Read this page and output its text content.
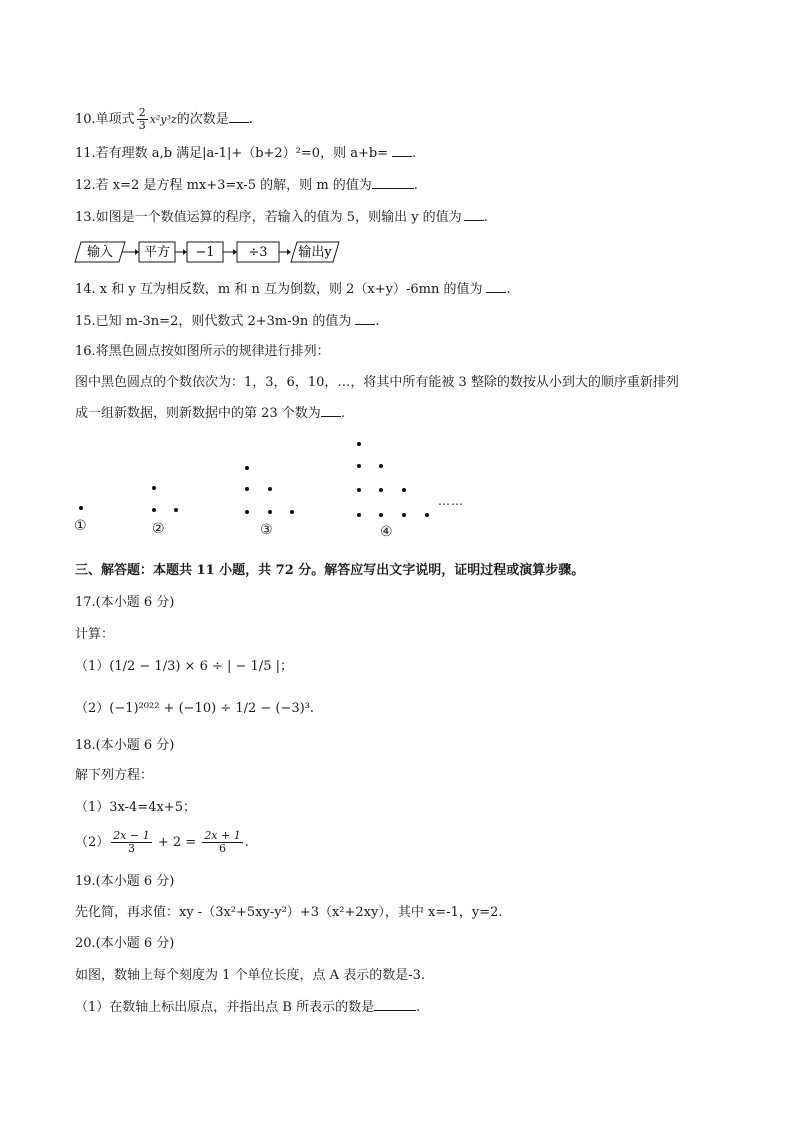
10.单项式 $\frac{2}{3} x^2y^3z$的次数是 .
11.若有理数 a,b 满足|a-1|+（b+2）²=0，则 a+b= .
12.若 x=2 是方程 mx+3=x-5 的解，则 m 的值为	.
13.如图是一个数值运算的程序，若输入的值为 5，则输出 y 的值为 .
输入 平方 −1	÷3 输出y
14. x 和 y 互为相反数，m 和 n 互为倒数，则 2（x+y）-6mn 的值为 .
15.已知 m-3n=2，则代数式 2+3m-9n 的值为 .
16.将黑色圆点按如图所示的规律进行排列：
图中黑色圆点的个数依次为：1，3，6，10，…，将其中所有能被 3 整除的数按从小到大的顺序重新排列
成一组新数据，则新数据中的第 23 个数为 .
①	②	③	④
……
三、解答题：本题共 11 小题，共 72 分。解答应写出文字说明，证明过程或演算步骤。
17.(本小题 6 分)
计算：
（1）(1/2 − 1/3) × 6 ÷ | − 1/5 |；
（2）(−1)²⁰²² + (−10) ÷ 1/2 − (−3)³.
18.(本小题 6 分)
解下列方程：
（1）3x-4=4x+5；
$(2) \frac{2x - 1}{3} + 2 = \frac{2x + 1}{6}$ .
19.(本小题 6 分)
先化简，再求值：xy -（3x²+5xy-y²）+3（x²+2xy），其中 x=-1，y=2.
20.(本小题 6 分)
如图，数轴上每个刻度为 1 个单位长度，点 A 表示的数是-3.
（1）在数轴上标出原点，并指出点 B 所表示的数是	.
